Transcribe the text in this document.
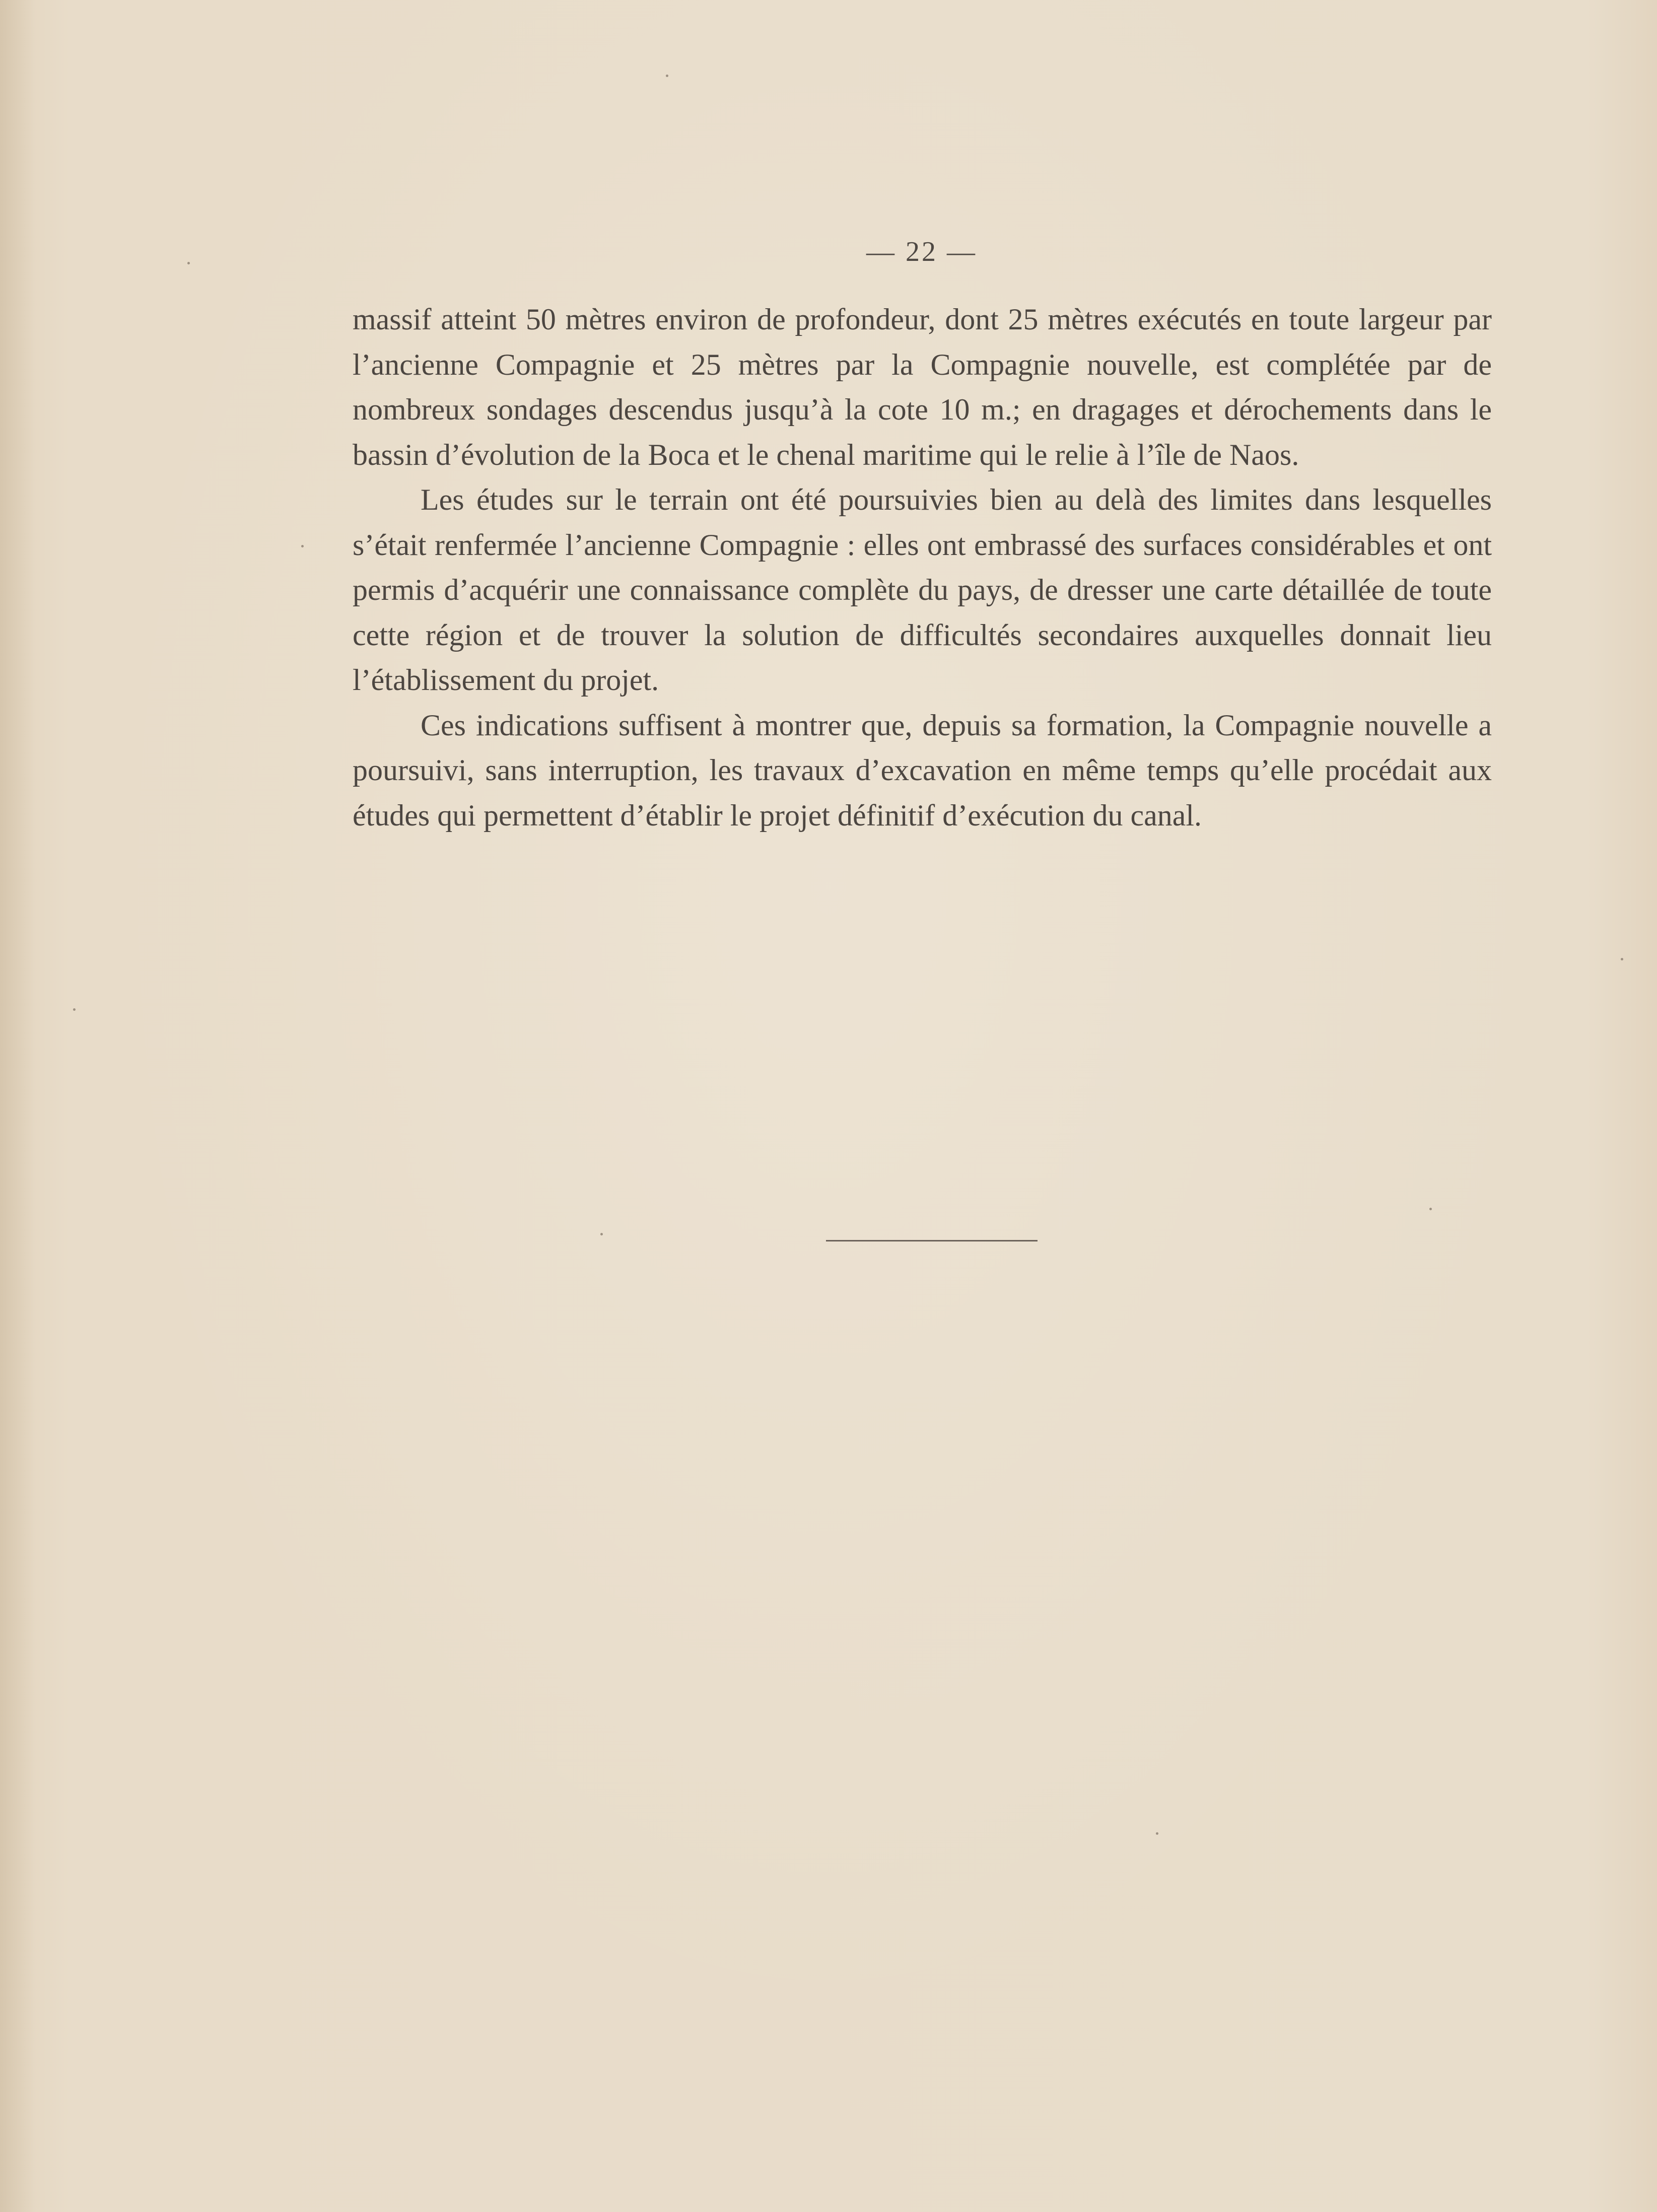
— 22 —

massif atteint 50 mètres environ de profondeur, dont 25 mètres exécutés en toute largeur par l’ancienne Compagnie et 25 mètres par la Compagnie nouvelle, est complétée par de nombreux sondages descendus jusqu’à la cote 10 m.; en dragages et dérochements dans le bassin d’évolution de la Boca et le chenal maritime qui le relie à l’île de Naos.

Les études sur le terrain ont été poursuivies bien au delà des limites dans lesquelles s’était renfermée l’ancienne Compagnie : elles ont embrassé des surfaces considérables et ont permis d’acquérir une connaissance complète du pays, de dresser une carte détaillée de toute cette région et de trouver la solution de difficultés secondaires auxquelles donnait lieu l’établissement du projet.

Ces indications suffisent à montrer que, depuis sa formation, la Compagnie nouvelle a poursuivi, sans interruption, les travaux d’excavation en même temps qu’elle procédait aux études qui permettent d’établir le projet définitif d’exécution du canal.
